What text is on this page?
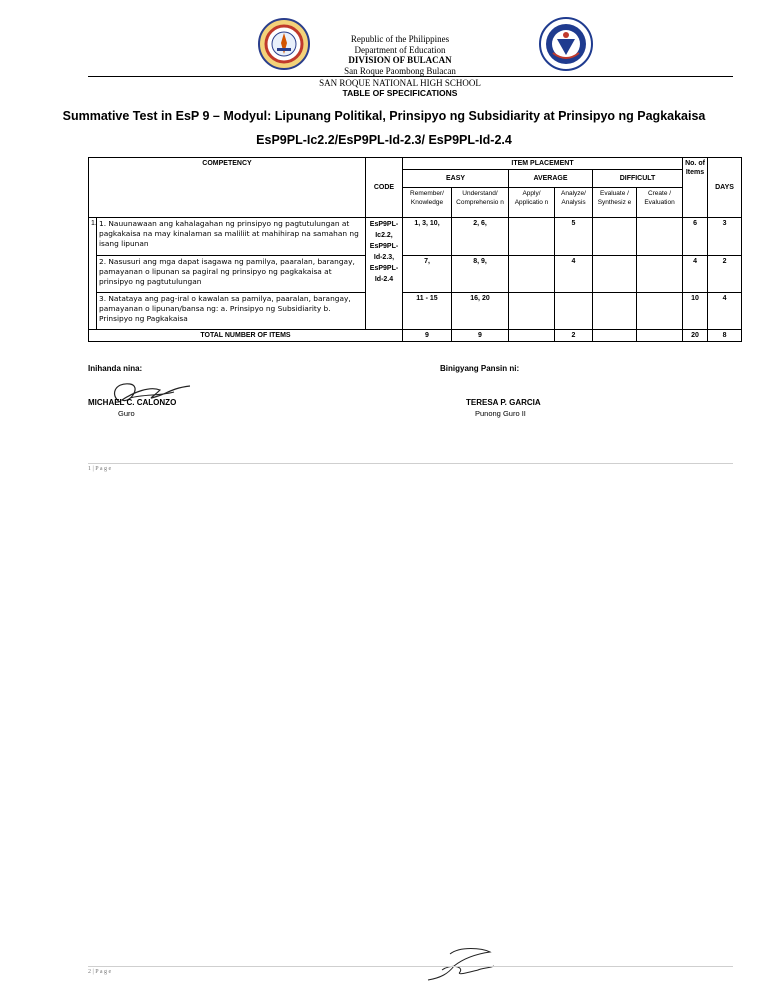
Republic of the Philippines
Department of Education
DIVISION OF BULACAN
San Roque Paombong Bulacan
SAN ROQUE NATIONAL HIGH SCHOOL
TABLE OF SPECIFICATIONS
Summative Test in EsP 9 – Modyul: Lipunang Politikal, Prinsipyo ng Subsidiarity at Prinsipyo ng Pagkakaisa
EsP9PL-Ic2.2/EsP9PL-Id-2.3/ EsP9PL-Id-2.4
COMPETENCY		CODE	ITEM PLACEMENT						No. of Items	DAYS
			EASY		AVERAGE		DIFFICULT			
			Remember/ Knowledge	Understand/ Comprehensio n	Apply/ Applicatio n	Analyze/ Analysis	Evaluate / Synthesiz e	Create / Evaluation		
1.	1. Nauunawaan ang kahalagahan ng prinsipyo ng pagtutulungan at pagkakaisa na may kinalaman sa maliliit at mahihirap na samahan ng isang lipunan	EsP9PL-Ic2.2, EsP9PL-Id-2.3, EsP9PL-Id-2.4	1, 3, 10,	2, 6,		5			6	3
	2. Nasusuri ang mga dapat isagawa ng pamilya, paaralan, barangay, pamayanan o lipunan sa pagiral ng prinsipyo ng pagkakaisa at prinsipyo ng pagtutulungan		7,	8, 9,		4			4	2
	3. Natataya ang pag-iral o kawalan sa pamilya, paaralan, barangay, pamayanan o lipunan/bansa ng: a. Prinsipyo ng Subsidiarity b. Prinsipyo ng Pagkakaisa		11 - 15	16, 20					10	4
TOTAL NUMBER OF ITEMS			9	9		2			20	8
Inihanda nina:	Binigyang Pansin ni:
MICHAEL C. CALONZO
Guro
TERESA P. GARCIA
Punong Guro II
1 | P a g e
2 | P a g e
